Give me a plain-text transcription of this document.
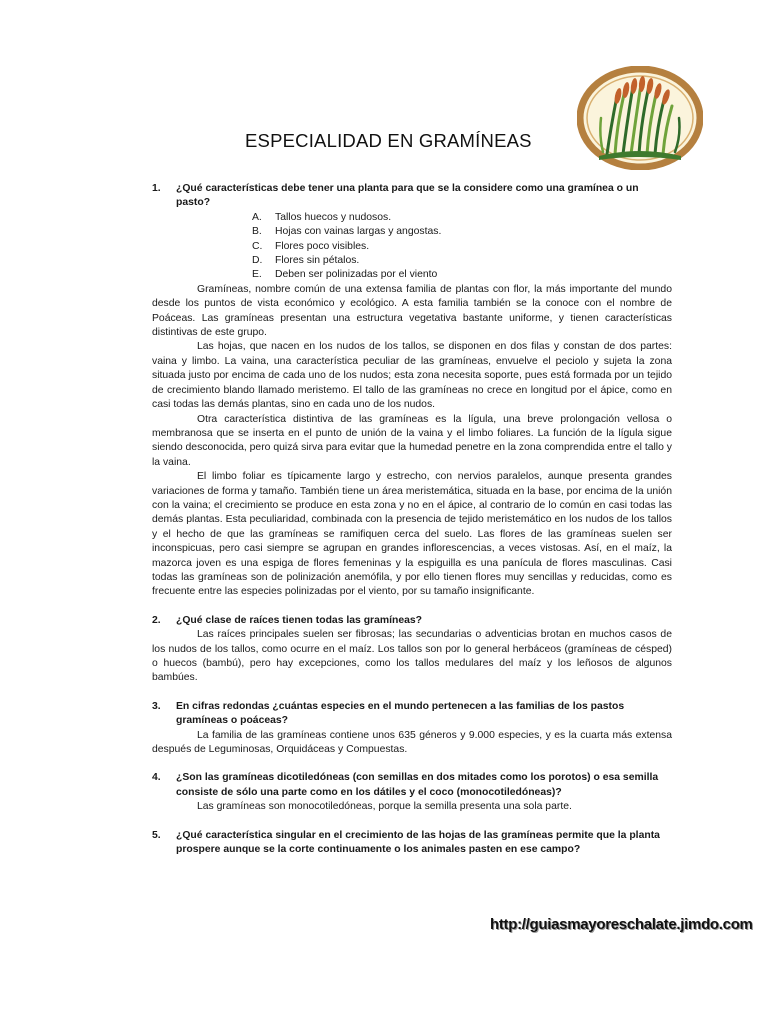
ESPECIALIDAD EN GRAMÍNEAS
1.	¿Qué características debe tener una planta para que se la considere como una gramínea o un pasto?
A.	Tallos huecos y nudosos.
B.	Hojas con vainas largas y angostas.
C.	Flores poco visibles.
D.	Flores sin pétalos.
E.	Deben ser polinizadas por el viento

Gramíneas, nombre común de una extensa familia de plantas con flor, la más importante del mundo desde los puntos de vista económico y ecológico. A esta familia también se la conoce con el nombre de Poáceas. Las gramíneas presentan una estructura vegetativa bastante uniforme, y tienen características distintivas de este grupo.

Las hojas, que nacen en los nudos de los tallos, se disponen en dos filas y constan de dos partes: vaina y limbo. La vaina, una característica peculiar de las gramíneas, envuelve el peciolo y sujeta la zona situada justo por encima de cada uno de los nudos; esta zona necesita soporte, pues está formada por un tejido de crecimiento blando llamado meristemo. El tallo de las gramíneas no crece en longitud por el ápice, como en casi todas las demás plantas, sino en cada uno de los nudos.

Otra característica distintiva de las gramíneas es la lígula, una breve prolongación vellosa o membranosa que se inserta en el punto de unión de la vaina y el limbo foliares. La función de la lígula sigue siendo desconocida, pero quizá sirva para evitar que la humedad penetre en la zona comprendida entre el tallo y la vaina.

El limbo foliar es típicamente largo y estrecho, con nervios paralelos, aunque presenta grandes variaciones de forma y tamaño. También tiene un área meristemática, situada en la base, por encima de la unión con la vaina; el crecimiento se produce en esta zona y no en el ápice, al contrario de lo común en casi todas las demás plantas. Esta peculiaridad, combinada con la presencia de tejido meristemático en los nudos de los tallos y el hecho de que las gramíneas se ramifiquen cerca del suelo. Las flores de las gramíneas suelen ser inconspicuas, pero casi siempre se agrupan en grandes inflorescencias, a veces vistosas. Así, en el maíz, la mazorca joven es una espiga de flores femeninas y la espiguilla es una panícula de flores masculinas. Casi todas las gramíneas son de polinización anemófila, y por ello tienen flores muy sencillas y reducidas, como es frecuente entre las especies polinizadas por el viento, por su tamaño insignificante.

2.	¿Qué clase de raíces tienen todas las gramíneas?

Las raíces principales suelen ser fibrosas; las secundarias o adventicias brotan en muchos casos de los nudos de los tallos, como ocurre en el maíz. Los tallos son por lo general herbáceos (gramíneas de césped) o huecos (bambú), pero hay excepciones, como los tallos medulares del maíz y los leñosos de algunos bambúes.

3.	En cifras redondas ¿cuántas especies en el mundo pertenecen a las familias de los pastos gramíneas o poáceas?

La familia de las gramíneas contiene unos 635 géneros y 9.000 especies, y es la cuarta más extensa después de Leguminosas, Orquidáceas y Compuestas.

4.	¿Son las gramíneas dicotiledóneas (con semillas en dos mitades como los porotos) o esa semilla consiste de sólo una parte como en los dátiles y el coco (monocotiledóneas)?

Las gramíneas son monocotiledóneas, porque la semilla presenta una sola parte.

5.	¿Qué característica singular en el crecimiento de las hojas de las gramíneas permite que la planta prospere aunque se la corte continuamente o los animales pasten en ese campo?
http://guiasmayoreschalate.jimdo.com
